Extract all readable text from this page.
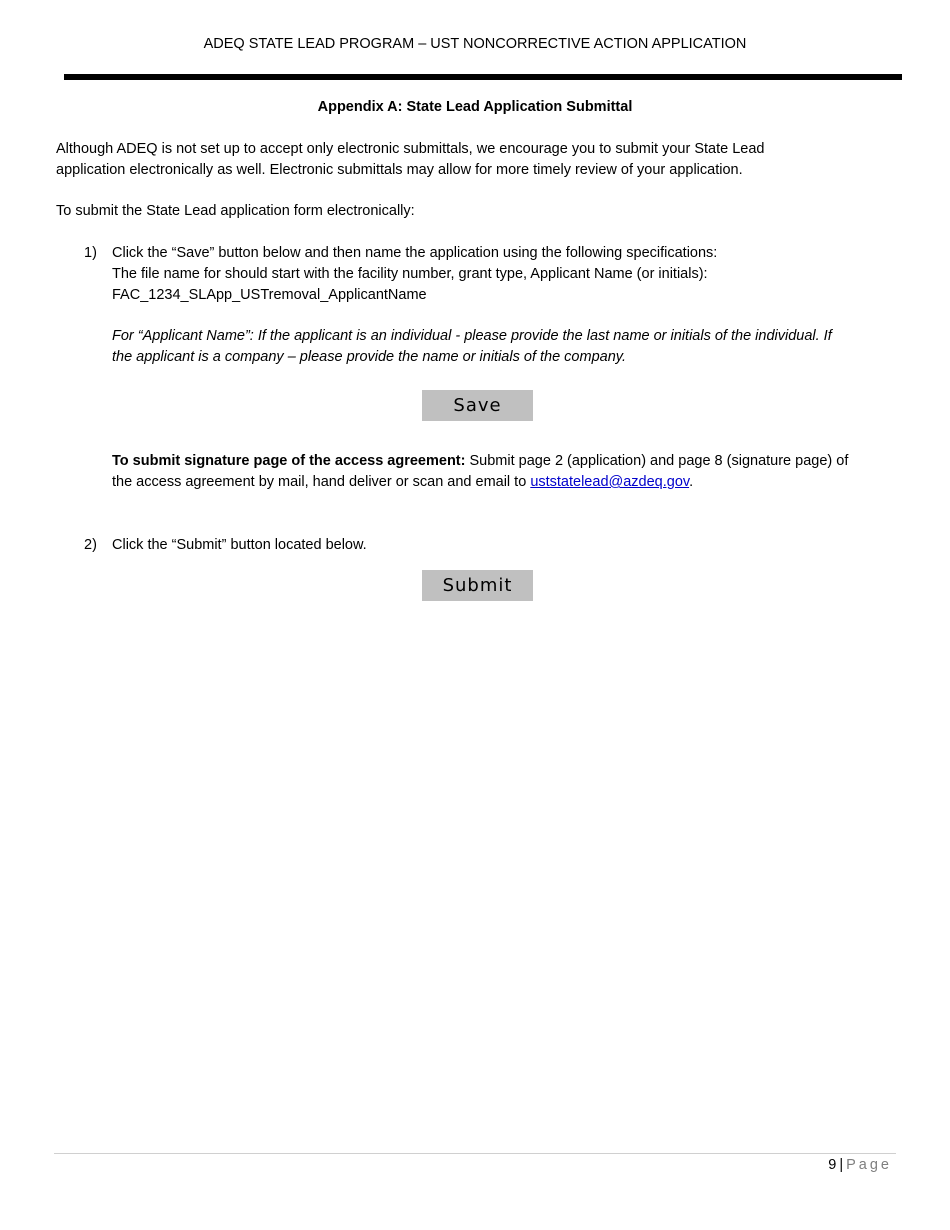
ADEQ STATE LEAD PROGRAM – UST NONCORRECTIVE ACTION APPLICATION
Appendix A: State Lead Application Submittal
Although ADEQ is not set up to accept only electronic submittals, we encourage you to submit your State Lead
application electronically as well. Electronic submittals may allow for more timely review of your application.
To submit the State Lead application form electronically:
1) Click the “Save” button below and then name the application using the following specifications:
The file name for should start with the facility number, grant type, Applicant Name (or initials):
FAC_1234_SLApp_USTremoval_ApplicantName
For “Applicant Name”: If the applicant is an individual - please provide the last name or initials of the individual. If
the applicant is a company – please provide the name or initials of the company.
Save
To submit signature page of the access agreement: Submit page 2 (application) and page 8 (signature page) of
the access agreement by mail, hand deliver or scan and email to uststatelead@azdeq.gov.
2) Click the “Submit” button located below.
Submit
9 | Page
